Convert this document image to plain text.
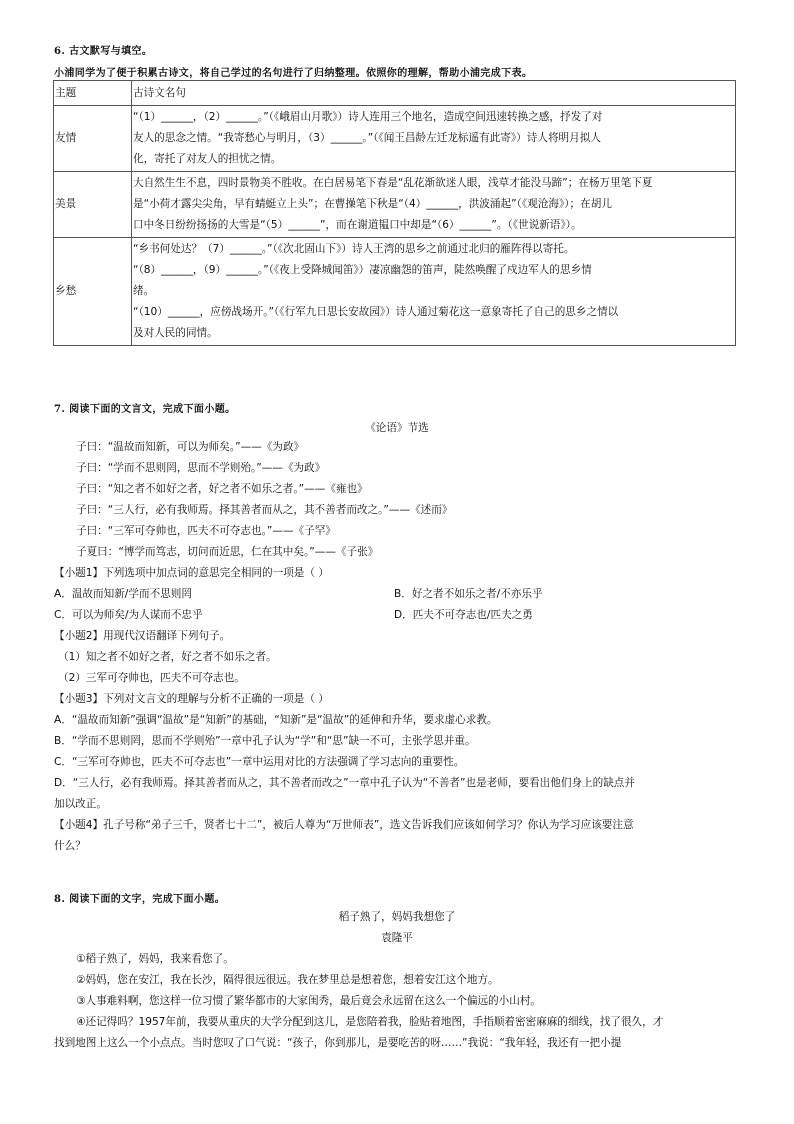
6. 古文默写与填空。
小浦同学为了便于积累古诗文，将自己学过的名句进行了归纳整理。依照你的理解，帮助小浦完成下表。
主题	古诗文名句
友情	“（1）______，（2）______。”（《峨眉山月歌》）诗人连用三个地名，造成空间迅速转换之感，抒发了对
友人的思念之情。“我寄愁心与明月，（3）______。”（《闻王昌龄左迁龙标遥有此寄》）诗人将明月拟人
化，寄托了对友人的担忧之情。

美景	大自然生生不息，四时景物美不胜收。在白居易笔下春是“乱花渐欲迷人眼，浅草才能没马蹄”；在杨万里笔下夏
是“小荷才露尖尖角，早有蜻蜓立上头”；在曹操笔下秋是“（4）______，洪波涌起”（《观沧海》）；在胡儿
口中冬日纷纷扬扬的大雪是“（5）______”，而在谢道韫口中却是“（6）______”。（《世说新语》）。

乡愁	“乡书何处达？（7）______。”（《次北固山下》）诗人王湾的思乡之前通过北归的雁阵得以寄托。
“（8）______，（9）______。”（《夜上受降城闻笛》）凄凉幽怨的笛声，陡然唤醒了戍边军人的思乡情
绪。
“（10）______，应傍战场开。”（《行军九日思长安故园》）诗人通过菊花这一意象寄托了自己的思乡之情以
及对人民的同情。
7. 阅读下面的文言文，完成下面小题。
《论语》节选
子曰：“温故而知新，可以为师矣。”——《为政》
子曰：“学而不思则罔，思而不学则殆。”——《为政》
子曰：“知之者不如好之者，好之者不如乐之者。”——《雍也》
子曰：“三人行，必有我师焉。择其善者而从之，其不善者而改之。”——《述而》
子曰：“三军可夺帅也，匹夫不可夺志也。”——《子罕》
子夏曰：“博学而笃志，切问而近思，仁在其中矣。”——《子张》
【小题1】下列选项中加点词的意思完全相同的一项是（ ）
A．温故而知新/学而不思则罔	B．好之者不如乐之者/不亦乐乎
C．可以为师矣/为人谋而不忠乎	D．匹夫不可夺志也/匹夫之勇
【小题2】用现代汉语翻译下列句子。
（1）知之者不如好之者，好之者不如乐之者。
（2）三军可夺帅也，匹夫不可夺志也。
【小题3】下列对文言文的理解与分析不正确的一项是（ ）
A．“温故而知新”强调“温故”是“知新”的基础，“知新”是“温故”的延伸和升华，要求虚心求教。
B．“学而不思则罔，思而不学则殆”一章中孔子认为“学”和“思”缺一不可，主张学思并重。
C．“三军可夺帅也，匹夫不可夺志也”一章中运用对比的方法强调了学习志向的重要性。
D．“三人行，必有我师焉。择其善者而从之，其不善者而改之”一章中孔子认为“不善者”也是老师，要看出他们身上的缺点并
加以改正。
【小题4】孔子号称“弟子三千，贤者七十二”，被后人尊为“万世师表”，选文告诉我们应该如何学习？你认为学习应该要注意
什么？
8. 阅读下面的文字，完成下面小题。
稻子熟了，妈妈我想您了
袁隆平
①稻子熟了，妈妈，我来看您了。
②妈妈，您在安江，我在长沙，隔得很远很远。我在梦里总是想着您，想着安江这个地方。
③人事难料啊，您这样一位习惯了繁华都市的大家闺秀，最后竟会永远留在这么一个偏远的小山村。
④还记得吗？1957年前，我要从重庆的大学分配到这儿，是您陪着我，脸贴着地图，手指顺着密密麻麻的细线，找了很久，才
找到地图上这么一个小点点。当时您叹了口气说：“孩子，你到那儿，是要吃苦的呀……”我说：“我年轻，我还有一把小提
